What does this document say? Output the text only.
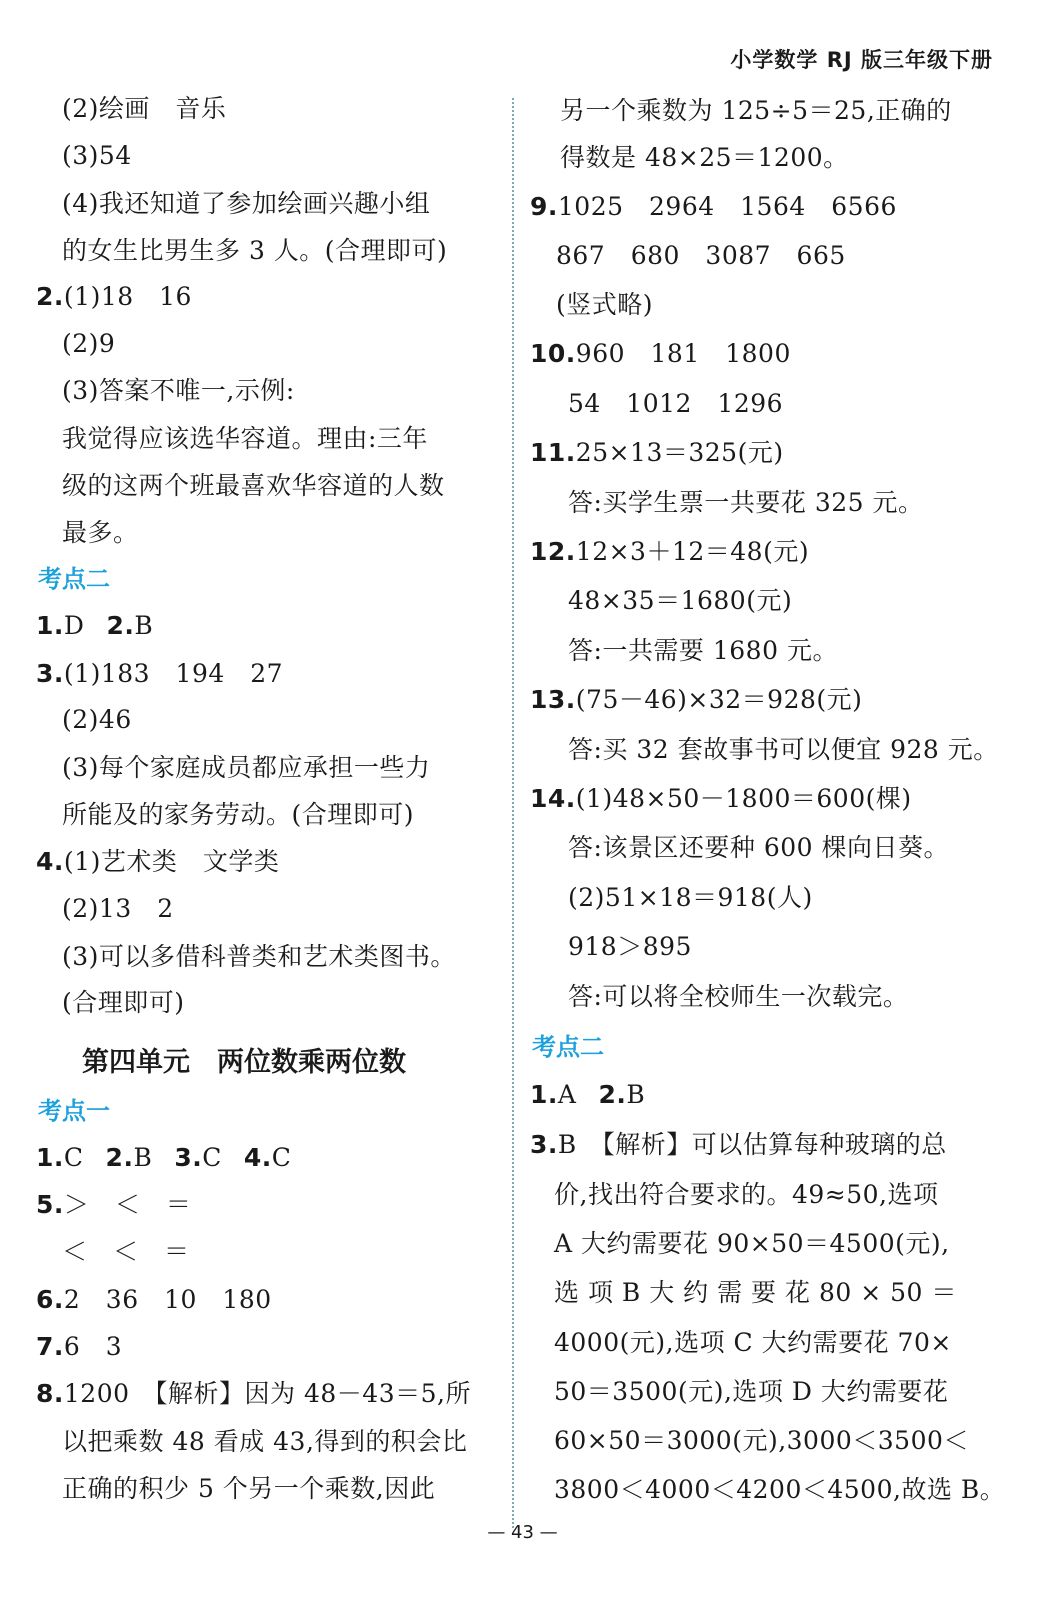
小学数学 RJ 版三年级下册
(2)绘画　音乐
(3)54
(4)我还知道了参加绘画兴趣小组
的女生比男生多 3 人。(合理即可)
2.(1)18　16
(2)9
(3)答案不唯一,示例:
我觉得应该选华容道。理由:三年
级的这两个班最喜欢华容道的人数
最多。
考点二
1.D 2.B
3.(1)183　194　27
(2)46
(3)每个家庭成员都应承担一些力
所能及的家务劳动。(合理即可)
4.(1)艺术类　文学类
(2)13　2
(3)可以多借科普类和艺术类图书。
(合理即可)
第四单元　两位数乘两位数
考点一
1.C 2.B 3.C 4.C
5.＞　＜　＝
＜　＜　＝
6.2　36　10　180
7.6　3
8.1200　【解析】因为 48－43＝5,所
以把乘数 48 看成 43,得到的积会比
正确的积少 5 个另一个乘数,因此
另一个乘数为 125÷5＝25,正确的
得数是 48×25＝1200。
9.1025　2964　1564　6566
867　680　3087　665
(竖式略)
10.960　181　1800
54　1012　1296
11.25×13＝325(元)
答:买学生票一共要花 325 元。
12.12×3＋12＝48(元)
48×35＝1680(元)
答:一共需要 1680 元。
13.(75－46)×32＝928(元)
答:买 32 套故事书可以便宜 928 元。
14.(1)48×50－1800＝600(棵)
答:该景区还要种 600 棵向日葵。
(2)51×18＝918(人)
918＞895
答:可以将全校师生一次载完。
考点二
1.A 2.B
3.B　【解析】可以估算每种玻璃的总
价,找出符合要求的。49≈50,选项
A 大约需要花 90×50＝4500(元),
选 项 B 大 约 需 要 花 80 × 50 ＝
4000(元),选项 C 大约需要花 70×
50＝3500(元),选项 D 大约需要花
60×50＝3000(元),3000＜3500＜
3800＜4000＜4200＜4500,故选 B。
— 43 —
